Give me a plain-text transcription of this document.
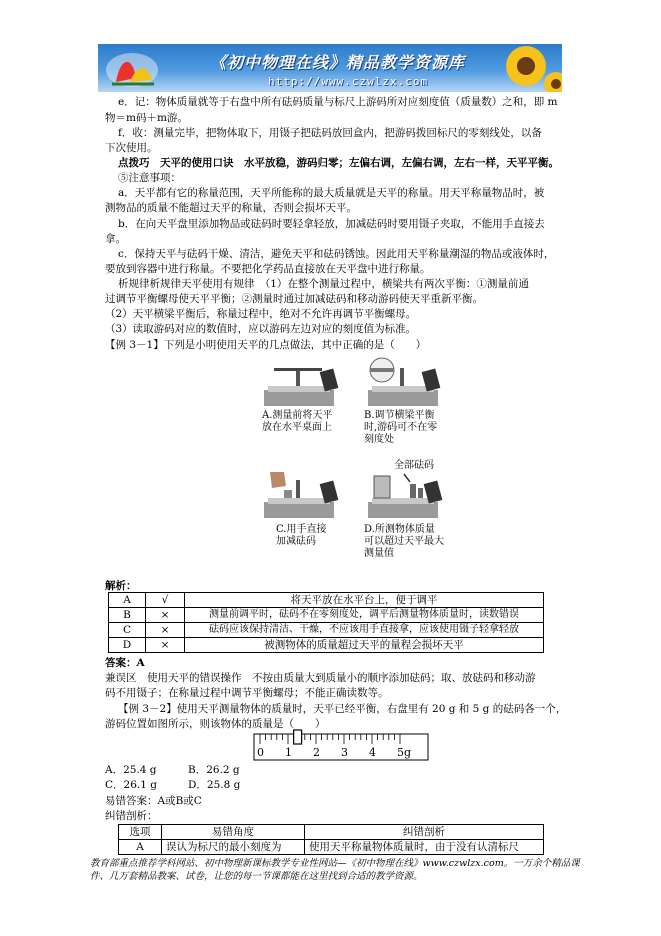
《初中物理在线》精品教学资源库
http://www.czwlzx.com
e．记：物体质量就等于右盘中所有砝码质量与标尺上游码所对应刻度值（质量数）之和，即 m
物＝m码＋m游。
f．收：测量完毕，把物体取下，用镊子把砝码放回盒内，把游码拨回标尺的零刻线处，以备
下次使用。
点拨巧　天平的使用口诀　水平放稳，游码归零；左偏右调，左偏右调，左右一样，天平平衡。
⑤注意事项：
a．天平都有它的称量范围，天平所能称的最大质量就是天平的称量。用天平称量物品时，被
测物品的质量不能超过天平的称量，否则会损坏天平。
b．在向天平盘里添加物品或砝码时要轻拿轻放，加减砝码时要用镊子夹取，不能用手直接去
拿。
c．保持天平与砝码干燥、清洁，避免天平和砝码锈蚀。因此用天平称量潮湿的物品或液体时，
要放到容器中进行称量。不要把化学药品直接放在天平盘中进行称量。
析规律析规律天平使用有规律　（1）在整个测量过程中，横梁共有两次平衡：①测量前通
过调节平衡螺母使天平平衡；②测量时通过加减砝码和移动游码使天平重新平衡。
（2）天平横梁平衡后，称量过程中，绝对不允许再调节平衡螺母。
（3）读取游码对应的数值时，应以游码左边对应的刻度值为标准。
【例 3－1】下列是小明使用天平的几点做法，其中正确的是（　　）
A.测量前将天平放在水平桌面上
B.调节横梁平衡时,游码可不在零刻度处
C.用手直接加减砝码
全部砝码
D.所测物体质量可以超过天平最大测量值
解析：
A	√	将天平放在水平台上，便于调平
B	×	测量前调平时，砝码不在零刻度处，调平后测量物体质量时，读数错误
C	×	砝码应该保持清洁、干燥，不应该用手直接拿，应该使用镊子轻拿轻放
D	×	被测物体的质量超过天平的量程会损坏天平
答案：A
兼误区　使用天平的错误操作　不按由质量大到质量小的顺序添加砝码；取、放砝码和移动游
码不用镊子；在称量过程中调节平衡螺母；不能正确读数等。
【例 3－2】使用天平测量物体的质量时，天平已经平衡，右盘里有 20 g 和 5 g 的砝码各一个，
游码位置如图所示，则该物体的质量是（　　）
0 1 2 3 4 5g
A．25.4 g	B．26.2 g
C．26.1 g	D．25.8 g
易错答案：A或B或C
纠错剖析：
选项	易错角度	纠错剖析
A	误认为标尺的最小刻度为	使用天平称量物体质量时，由于没有认清标尺
教育部重点推荐学科网站、初中物理新课标教学专业性网站—《初中物理在线》www.czwlzx.com。一万余个精品课
件、几万套精品教案、试卷，让您的每一节课都能在这里找到合适的教学资源。
